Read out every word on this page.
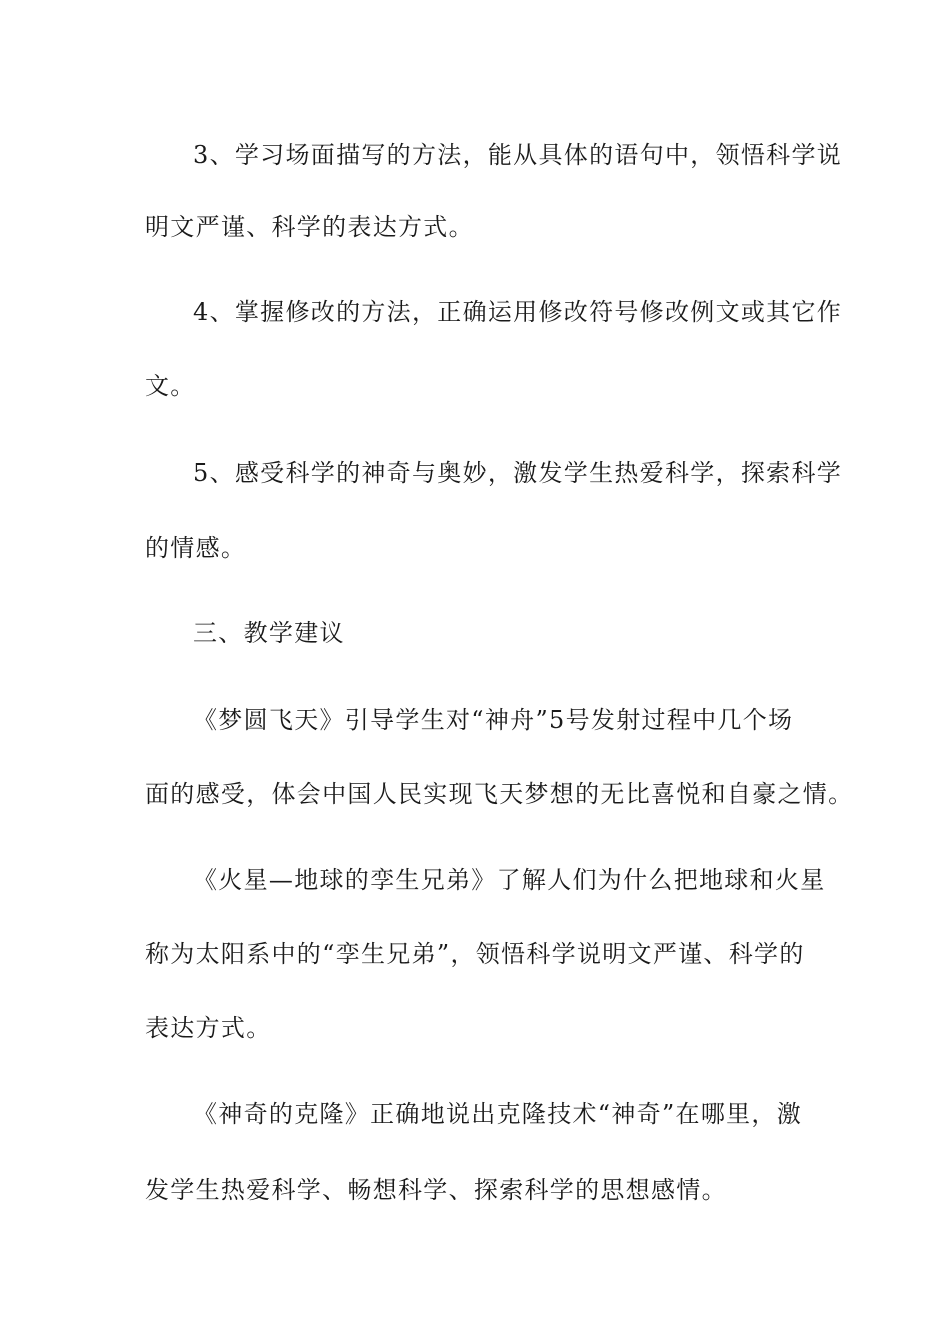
3、学习场面描写的方法，能从具体的语句中，领悟科学说
明文严谨、科学的表达方式。
4、掌握修改的方法，正确运用修改符号修改例文或其它作
文。
5、感受科学的神奇与奥妙，激发学生热爱科学，探索科学
的情感。
三、教学建议
《梦圆飞天》引导学生对“神舟”5号发射过程中几个场
面的感受，体会中国人民实现飞天梦想的无比喜悦和自豪之情。
《火星—地球的孪生兄弟》了解人们为什么把地球和火星
称为太阳系中的“孪生兄弟”，领悟科学说明文严谨、科学的
表达方式。
《神奇的克隆》正确地说出克隆技术“神奇”在哪里，激
发学生热爱科学、畅想科学、探索科学的思想感情。
